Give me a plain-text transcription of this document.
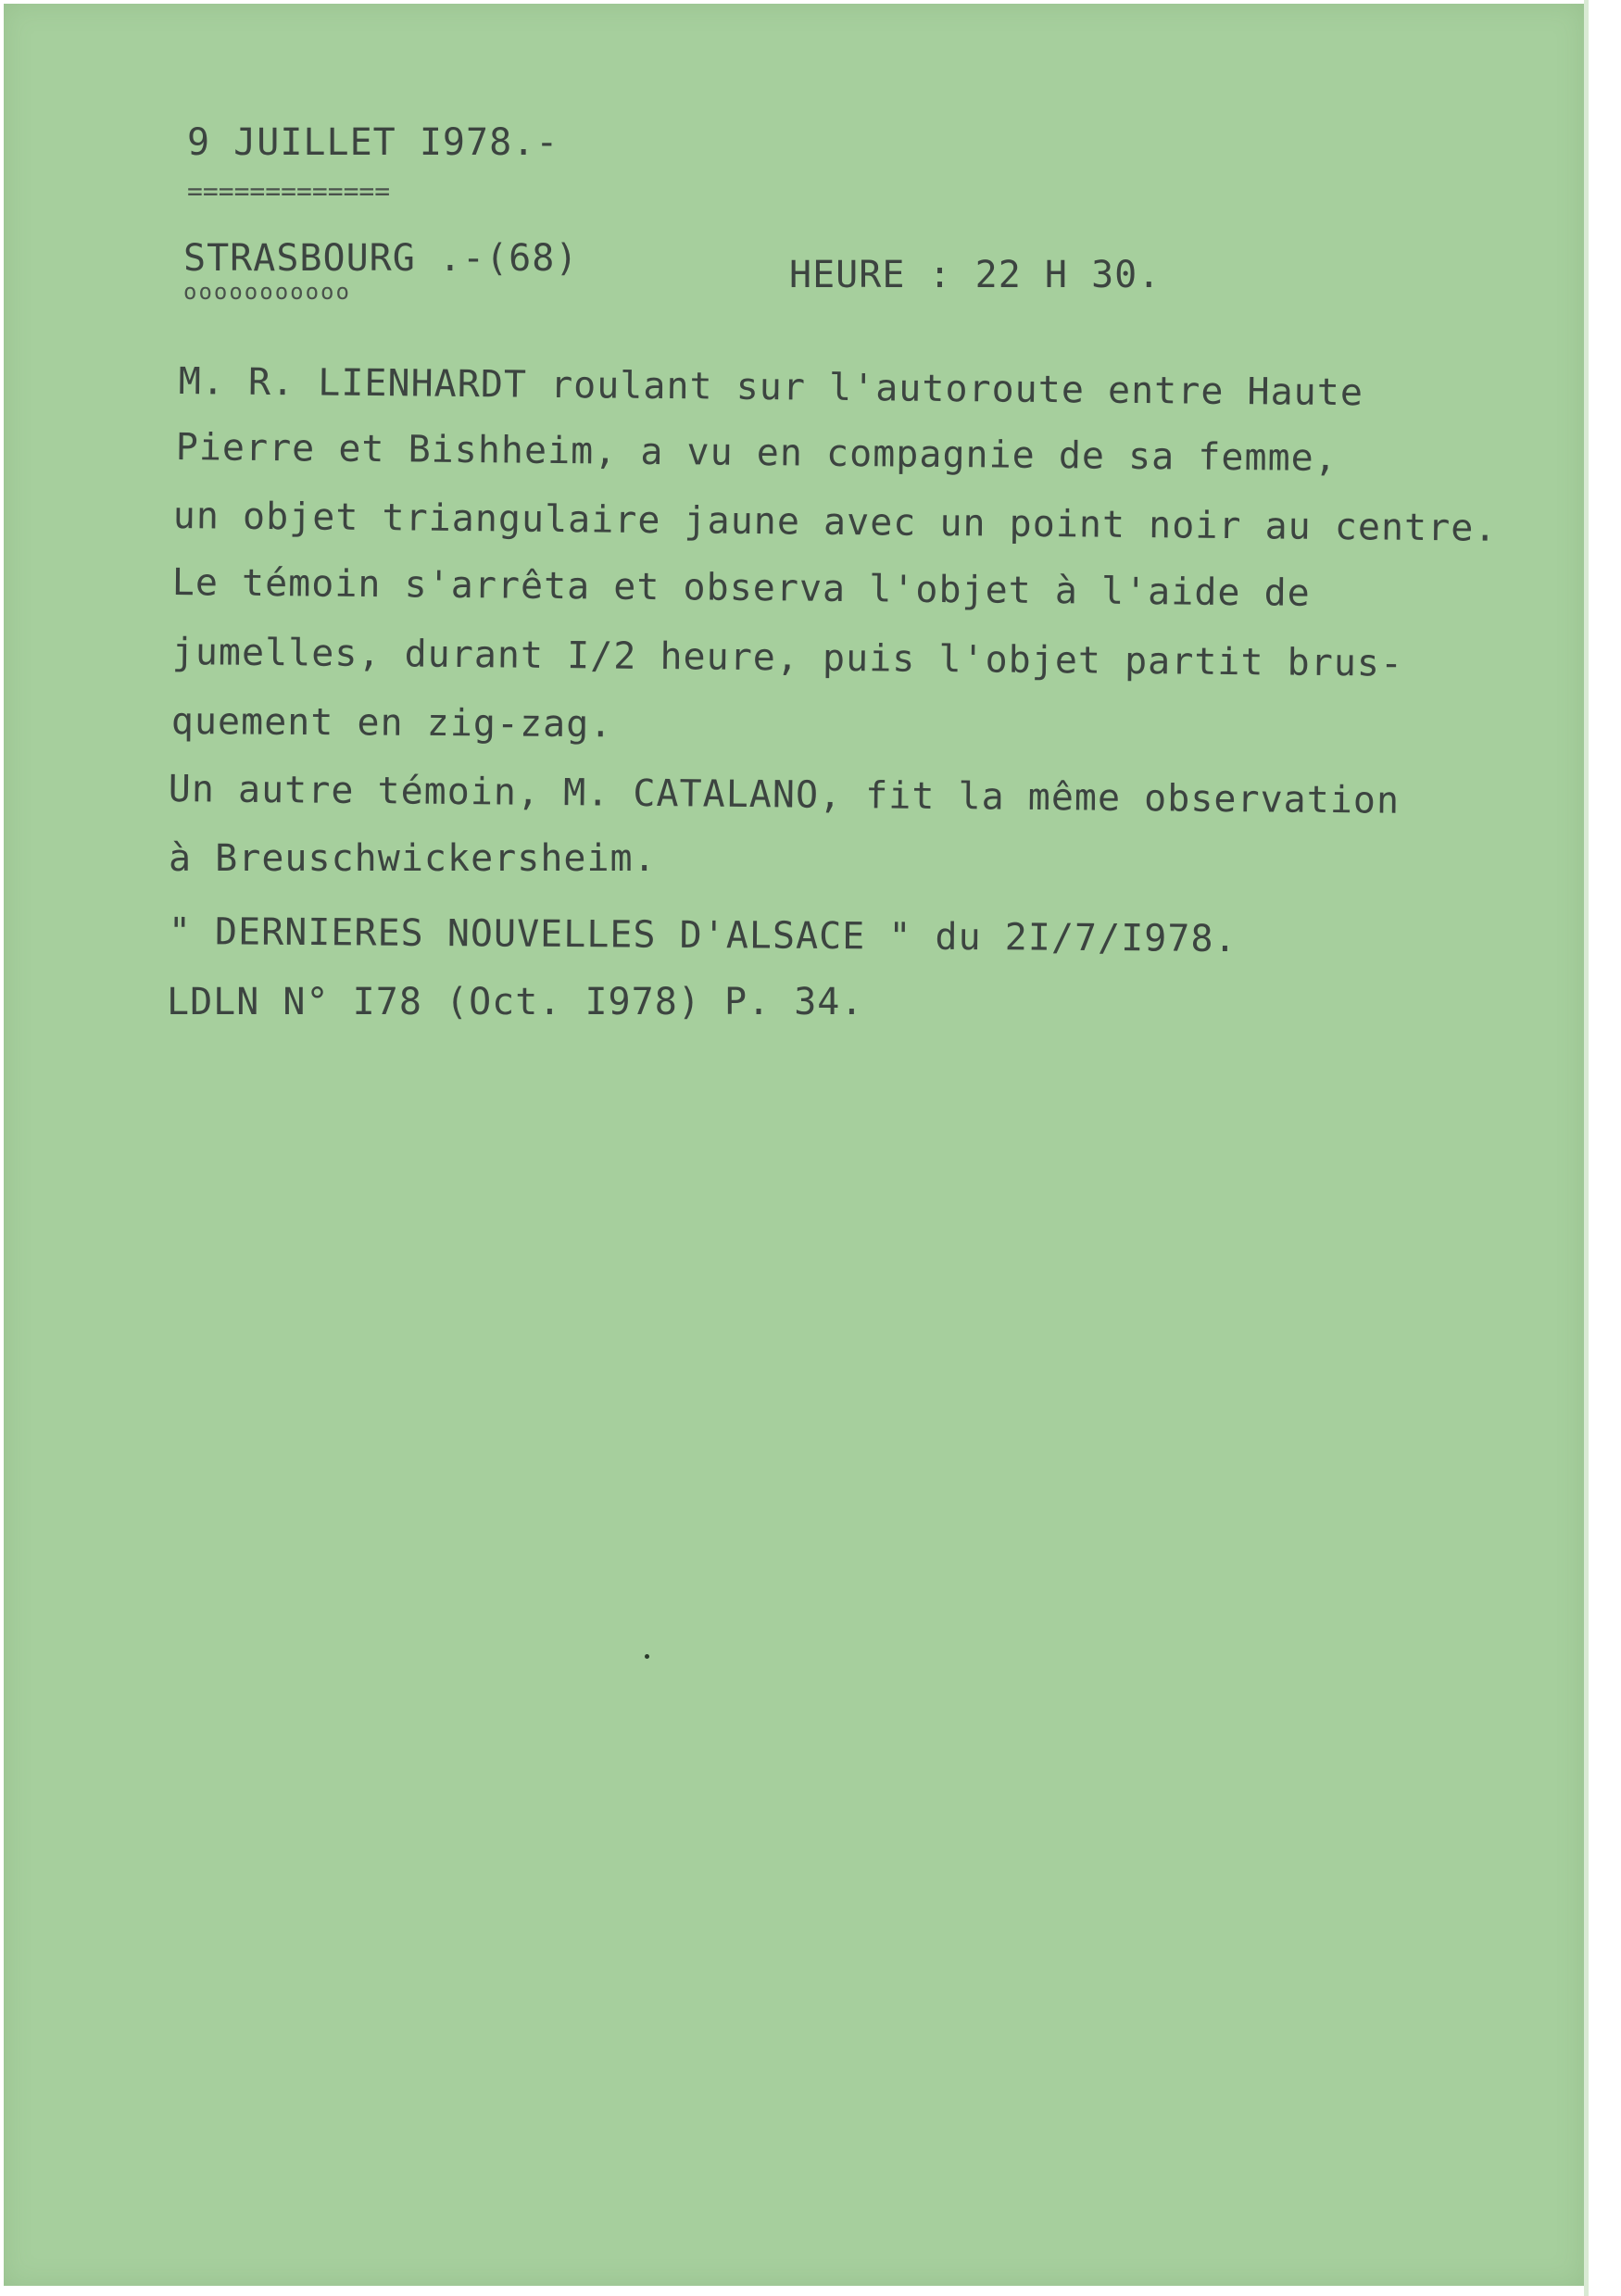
9 JUILLET I978.-
=============
STRASBOURG .-(68)
ooooooooooo	HEURE : 22 H 30.
M. R. LIENHARDT roulant sur l'autoroute entre Haute
Pierre et Bishheim, a vu en compagnie de sa femme,
un objet triangulaire jaune avec un point noir au centre.
Le témoin s'arrêta et observa l'objet à l'aide de
jumelles, durant I/2 heure, puis l'objet partit brus-
quement en zig-zag.
Un autre témoin, M. CATALANO, fit la même observation
à Breuschwickersheim.
" DERNIERES NOUVELLES D'ALSACE " du 2I/7/I978.
LDLN N° I78 (Oct. I978) P. 34.
